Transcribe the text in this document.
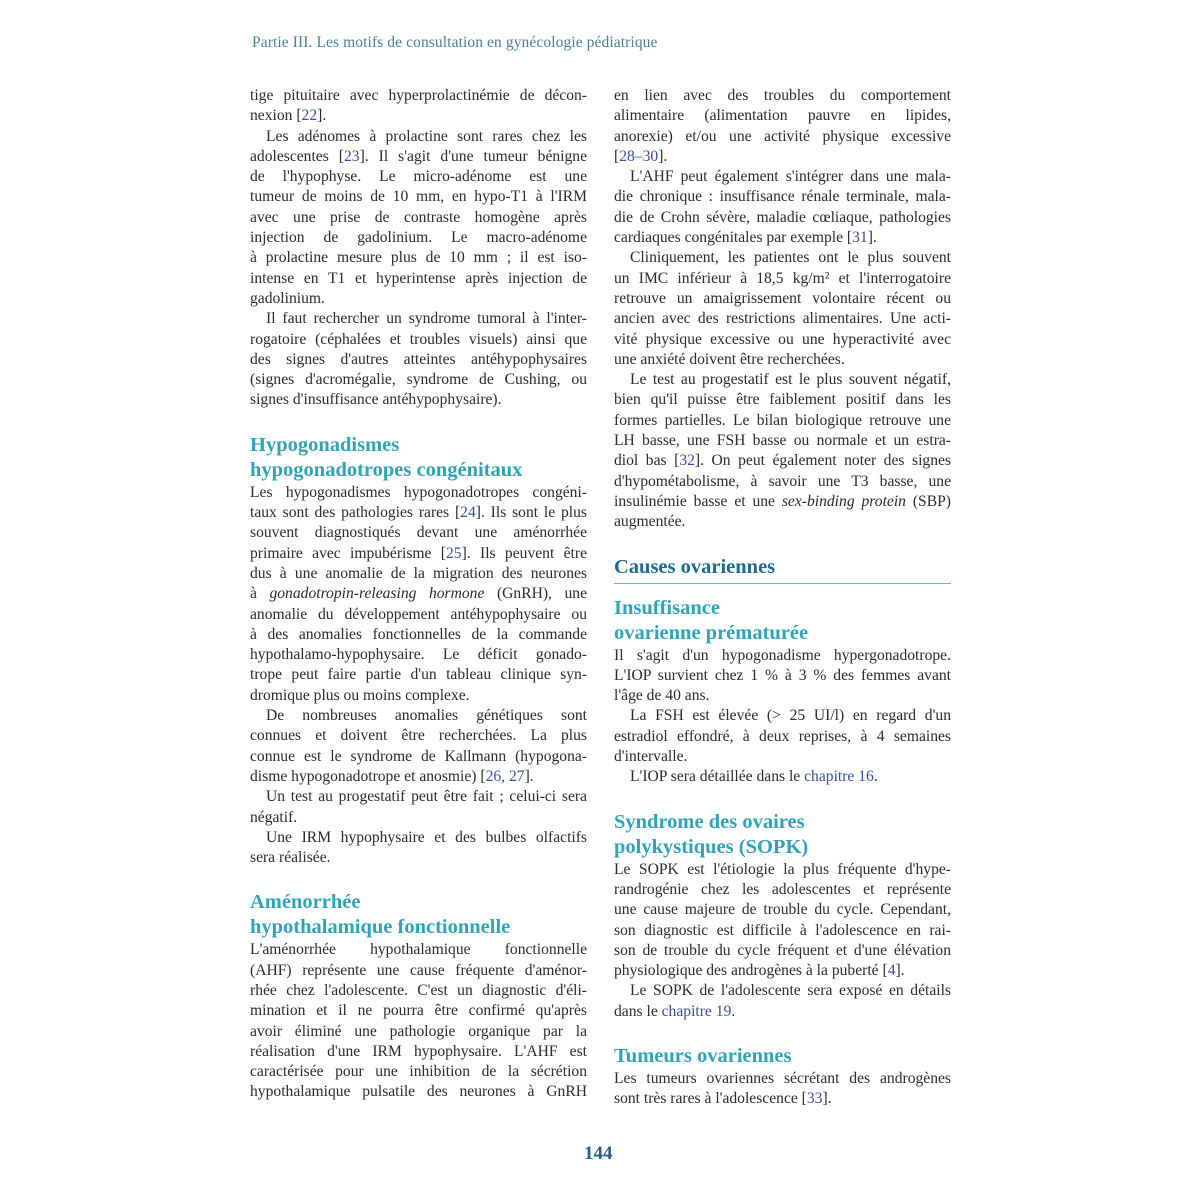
Partie III. Les motifs de consultation en gynécologie pédiatrique

tige pituitaire avec hyperprolactinémie de décon-
nexion [22].

Les adénomes à prolactine sont rares chez les
adolescentes [23]. Il s'agit d'une tumeur bénigne
de l'hypophyse. Le micro-adénome est une
tumeur de moins de 10 mm, en hypo-T1 à l'IRM
avec une prise de contraste homogène après
injection de gadolinium. Le macro-adénome
à prolactine mesure plus de 10 mm ; il est iso-
intense en T1 et hyperintense après injection de
gadolinium.

Il faut rechercher un syndrome tumoral à l'inter-
rogatoire (céphalées et troubles visuels) ainsi que
des signes d'autres atteintes antéhypophysaires
(signes d'acromégalie, syndrome de Cushing, ou
signes d'insuffisance antéhypophysaire).

Hypogonadismes
hypogonadotropes congénitaux

Les hypogonadismes hypogonadotropes congéni-
taux sont des pathologies rares [24]. Ils sont le plus
souvent diagnostiqués devant une aménorrhée
primaire avec impubérisme [25]. Ils peuvent être
dus à une anomalie de la migration des neurones
à gonadotropin-releasing hormone (GnRH), une
anomalie du développement antéhypophysaire ou
à des anomalies fonctionnelles de la commande
hypothalamo-hypophysaire. Le déficit gonado-
trope peut faire partie d'un tableau clinique syn-
dromique plus ou moins complexe.

De nombreuses anomalies génétiques sont
connues et doivent être recherchées. La plus
connue est le syndrome de Kallmann (hypogona-
disme hypogonadotrope et anosmie) [26, 27].

Un test au progestatif peut être fait ; celui-ci sera
négatif.

Une IRM hypophysaire et des bulbes olfactifs
sera réalisée.

Aménorrhée
hypothalamique fonctionnelle

L'aménorrhée hypothalamique fonctionnelle
(AHF) représente une cause fréquente d'aménor-
rhée chez l'adolescente. C'est un diagnostic d'éli-
mination et il ne pourra être confirmé qu'après
avoir éliminé une pathologie organique par la
réalisation d'une IRM hypophysaire. L'AHF est
caractérisée pour une inhibition de la sécrétion
hypothalamique pulsatile des neurones à GnRH

en lien avec des troubles du comportement
alimentaire (alimentation pauvre en lipides,
anorexie) et/ou une activité physique excessive
[28–30].

L'AHF peut également s'intégrer dans une mala-
die chronique : insuffisance rénale terminale, mala-
die de Crohn sévère, maladie cœliaque, pathologies
cardiaques congénitales par exemple [31].

Cliniquement, les patientes ont le plus souvent
un IMC inférieur à 18,5 kg/m² et l'interrogatoire
retrouve un amaigrissement volontaire récent ou
ancien avec des restrictions alimentaires. Une acti-
vité physique excessive ou une hyperactivité avec
une anxiété doivent être recherchées.

Le test au progestatif est le plus souvent négatif,
bien qu'il puisse être faiblement positif dans les
formes partielles. Le bilan biologique retrouve une
LH basse, une FSH basse ou normale et un estra-
diol bas [32]. On peut également noter des signes
d'hypométabolisme, à savoir une T3 basse, une
insulinémie basse et une sex-binding protein (SBP)
augmentée.

Causes ovariennes
Insuffisance
ovarienne prématurée

Il s'agit d'un hypogonadisme hypergonadotrope.
L'IOP survient chez 1 % à 3 % des femmes avant
l'âge de 40 ans.

La FSH est élevée (> 25 UI/l) en regard d'un
estradiol effondré, à deux reprises, à 4 semaines
d'intervalle.

L'IOP sera détaillée dans le chapitre 16.

Syndrome des ovaires
polykystiques (SOPK)

Le SOPK est l'étiologie la plus fréquente d'hype-
randrogénie chez les adolescentes et représente
une cause majeure de trouble du cycle. Cependant,
son diagnostic est difficile à l'adolescence en rai-
son de trouble du cycle fréquent et d'une élévation
physiologique des androgènes à la puberté [4].

Le SOPK de l'adolescente sera exposé en détails
dans le chapitre 19.

Tumeurs ovariennes

Les tumeurs ovariennes sécrétant des androgènes
sont très rares à l'adolescence [33].

144
